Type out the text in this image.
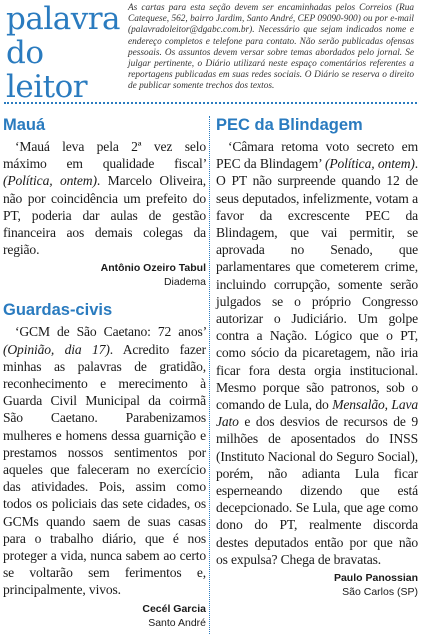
palavra
do leitor
As cartas para esta seção devem ser encaminhadas pelos Correios (Rua Catequese, 562, bairro Jardim, Santo André, CEP 09090-900) ou por e-mail (palavradoleitor@dgabc.com.br). Necessário que sejam indicados nome e endereço completos e telefone para contato. Não serão publicadas ofensas pessoais. Os assuntos devem versar sobre temas abordados pelo jornal. Se julgar pertinente, o Diário utilizará neste espaço comentários referentes a reportagens publicadas em suas redes sociais. O Diário se reserva o direito de publicar somente trechos dos textos.
Mauá

‘Mauá leva pela 2ª vez selo máximo em qualidade fiscal’ (Política, ontem). Marcelo Oliveira, não por coincidência um prefeito do PT, poderia dar aulas de gestão financeira aos demais colegas da região.

Antônio Ozeiro Tabul
Diadema
Guardas-civis

‘GCM de São Caetano: 72 anos’ (Opinião, dia 17). Acredito fazer minhas as palavras de gratidão, reconhecimento e merecimento à Guarda Civil Municipal da coirmã São Caetano. Parabenizamos mulheres e homens dessa guarnição e prestamos nossos sentimentos por aqueles que faleceram no exercício das atividades. Pois, assim como todos os policiais das sete cidades, os GCMs quando saem de suas casas para o trabalho diário, que é nos proteger a vida, nunca sabem ao certo se voltarão sem ferimentos e, principalmente, vivos.

Cecél Garcia
Santo André
PEC da Blindagem

‘Câmara retoma voto secreto em PEC da Blindagem’ (Política, ontem). O PT não surpreende quando 12 de seus deputados, infelizmente, votam a favor da excrescente PEC da Blindagem, que vai permitir, se aprovada no Senado, que parlamentares que cometerem crime, incluindo corrupção, somente serão julgados se o próprio Congresso autorizar o Judiciário. Um golpe contra a Nação. Lógico que o PT, como sócio da picaretagem, não iria ficar fora desta orgia institucional. Mesmo porque são patronos, sob o comando de Lula, do Mensalão, Lava Jato e dos desvios de recursos de 9 milhões de aposentados do INSS (Instituto Nacional do Seguro Social), porém, não adianta Lula ficar esperneando dizendo que está decepcionado. Se Lula, que age como dono do PT, realmente discorda destes deputados então por que não os expulsa? Chega de bravatas.

Paulo Panossian
São Carlos (SP)
